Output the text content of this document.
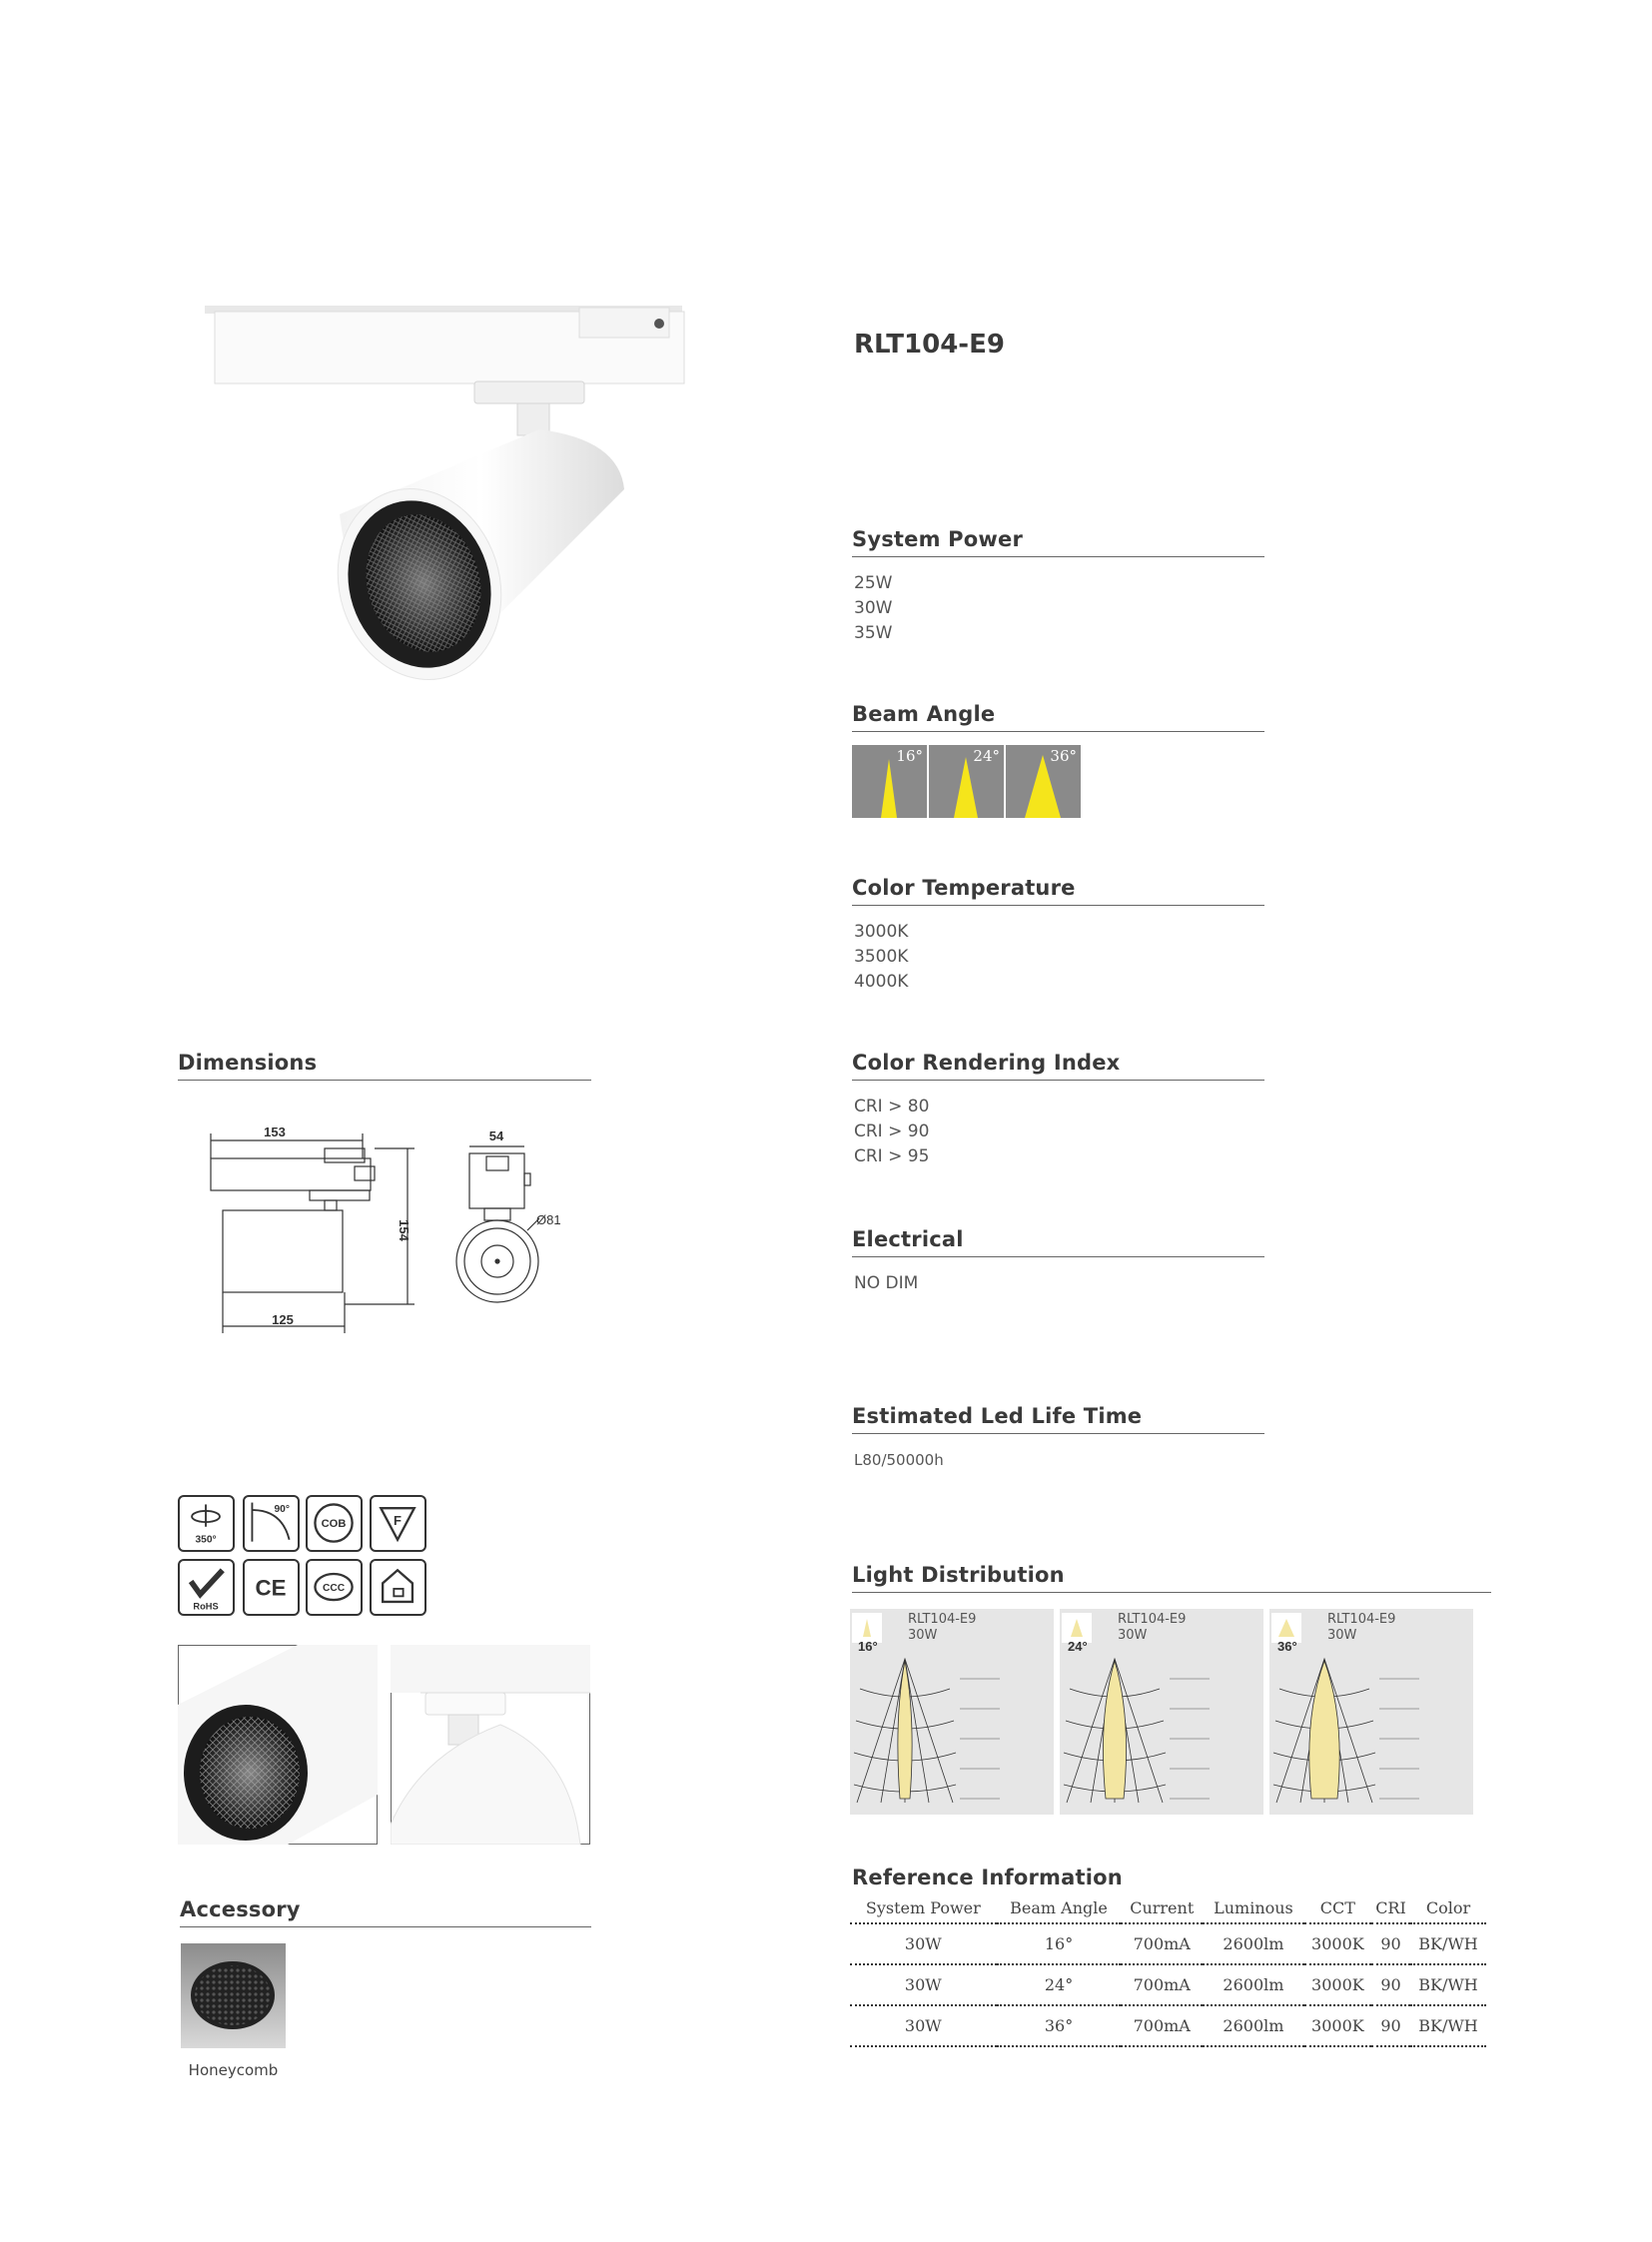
RLT104-E9
System Power
25W
30W
35W
Beam Angle
16°	24°	36°
Color Temperature
3000K
3500K
4000K
Color Rendering Index
CRI > 80
CRI > 90
CRI > 95
Electrical
NO DIM
Estimated Led Life Time
L80/50000h
Dimensions
153
125
154
54
Ø81
350°
90°
COB	F
RoHS
CE	CCC
Accessory
Honeycomb
Light Distribution
16°
RLT104-E9
30W
24°
RLT104-E9
30W
36°
RLT104-E9
30W
Reference Information
System Power	Beam Angle	Current	Luminous	CCT	CRI	Color
30W	16°	700mA	2600lm	3000K	90	BK/WH
30W	24°	700mA	2600lm	3000K	90	BK/WH
30W	36°	700mA	2600lm	3000K	90	BK/WH
